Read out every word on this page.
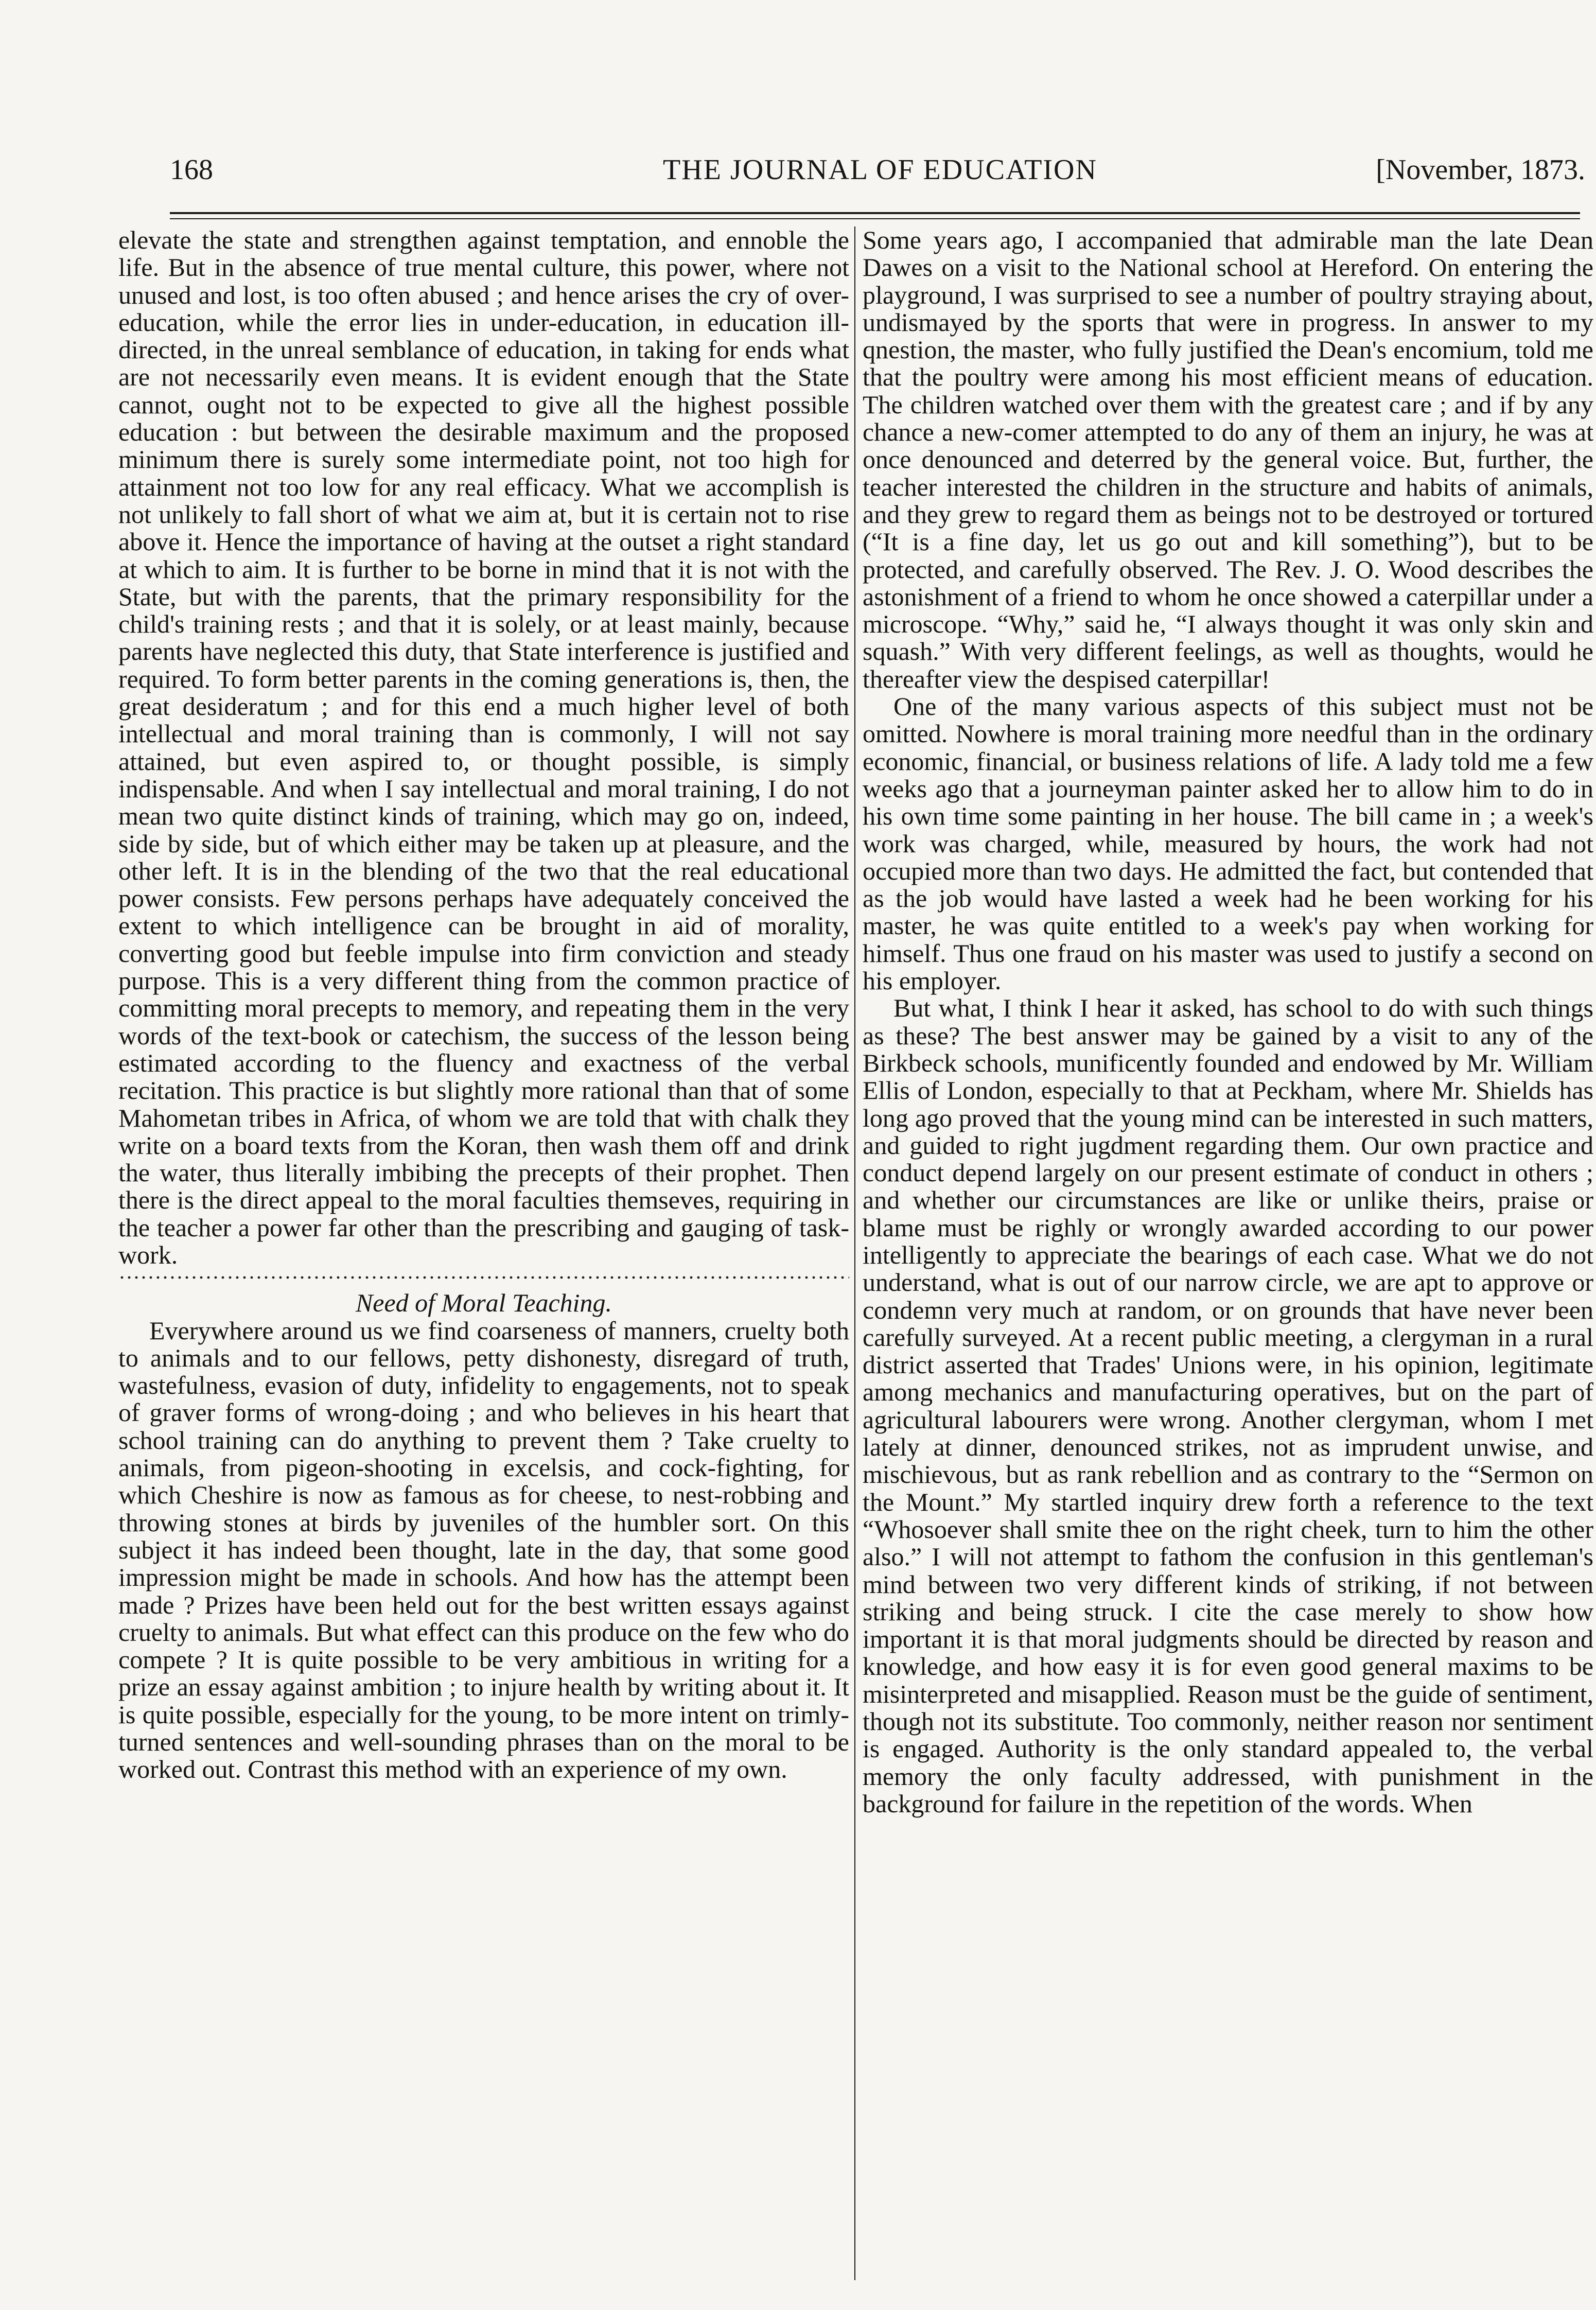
168	THE JOURNAL OF EDUCATION	[November, 1873.

elevate the state and strengthen against temptation, and ennoble the life. But in the absence of true mental culture, this power, where not unused and lost, is too often abused ; and hence arises the cry of over-education, while the error lies in under-education, in education ill-directed, in the unreal semblance of education, in taking for ends what are not necessarily even means. It is evident enough that the State cannot, ought not to be expected to give all the highest possible education : but between the desirable maximum and the proposed minimum there is surely some intermediate point, not too high for attainment not too low for any real efficacy. What we accomplish is not unlikely to fall short of what we aim at, but it is certain not to rise above it. Hence the importance of having at the outset a right standard at which to aim. It is further to be borne in mind that it is not with the State, but with the parents, that the primary responsibility for the child's training rests ; and that it is solely, or at least mainly, because parents have neglected this duty, that State interference is justified and required. To form better parents in the coming generations is, then, the great desideratum ; and for this end a much higher level of both intellectual and moral training than is commonly, I will not say attained, but even aspired to, or thought possible, is simply indispensable. And when I say intellectual and moral training, I do not mean two quite distinct kinds of training, which may go on, indeed, side by side, but of which either may be taken up at pleasure, and the other left. It is in the blending of the two that the real educational power consists. Few persons perhaps have adequately conceived the extent to which intelligence can be brought in aid of morality, converting good but feeble impulse into firm conviction and steady purpose. This is a very different thing from the common practice of committing moral precepts to memory, and repeating them in the very words of the text-book or catechism, the success of the lesson being estimated according to the fluency and exactness of the verbal recitation. This practice is but slightly more rational than that of some Mahometan tribes in Africa, of whom we are told that with chalk they write on a board texts from the Koran, then wash them off and drink the water, thus literally imbibing the precepts of their prophet. Then there is the direct appeal to the moral faculties themseves, requiring in the teacher a power far other than the prescribing and gauging of task-work.

Need of Moral Teaching.

Everywhere around us we find coarseness of manners, cruelty both to animals and to our fellows, petty dishonesty, disregard of truth, wastefulness, evasion of duty, infidelity to engagements, not to speak of graver forms of wrong-doing ; and who believes in his heart that school training can do anything to prevent them ? Take cruelty to animals, from pigeon-shooting in excelsis, and cock-fighting, for which Cheshire is now as famous as for cheese, to nest-robbing and throwing stones at birds by juveniles of the humbler sort. On this subject it has indeed been thought, late in the day, that some good impression might be made in schools. And how has the attempt been made ? Prizes have been held out for the best written essays against cruelty to animals. But what effect can this produce on the few who do compete ? It is quite possible to be very ambitious in writing for a prize an essay against ambition ; to injure health by writing about it. It is quite possible, especially for the young, to be more intent on trimly-turned sentences and well-sounding phrases than on the moral to be worked out. Contrast this method with an experience of my own.

Some years ago, I accompanied that admirable man the late Dean Dawes on a visit to the National school at Hereford. On entering the playground, I was surprised to see a number of poultry straying about, undismayed by the sports that were in progress. In answer to my qnestion, the master, who fully justified the Dean's encomium, told me that the poultry were among his most efficient means of education. The children watched over them with the greatest care ; and if by any chance a new-comer attempted to do any of them an injury, he was at once denounced and deterred by the general voice. But, further, the teacher interested the children in the structure and habits of animals, and they grew to regard them as beings not to be destroyed or tortured (“It is a fine day, let us go out and kill something”), but to be protected, and carefully observed. The Rev. J. O. Wood describes the astonishment of a friend to whom he once showed a caterpillar under a microscope. “Why,” said he, “I always thought it was only skin and squash.” With very different feelings, as well as thoughts, would he thereafter view the despised caterpillar!

One of the many various aspects of this subject must not be omitted. Nowhere is moral training more needful than in the ordinary economic, financial, or business relations of life. A lady told me a few weeks ago that a journeyman painter asked her to allow him to do in his own time some painting in her house. The bill came in ; a week's work was charged, while, measured by hours, the work had not occupied more than two days. He admitted the fact, but contended that as the job would have lasted a week had he been working for his master, he was quite entitled to a week's pay when working for himself. Thus one fraud on his master was used to justify a second on his employer.

But what, I think I hear it asked, has school to do with such things as these? The best answer may be gained by a visit to any of the Birkbeck schools, munificently founded and endowed by Mr. William Ellis of London, especially to that at Peckham, where Mr. Shields has long ago proved that the young mind can be interested in such matters, and guided to right jugdment regarding them. Our own practice and conduct depend largely on our present estimate of conduct in others ; and whether our circumstances are like or unlike theirs, praise or blame must be righly or wrongly awarded according to our power intelligently to appreciate the bearings of each case. What we do not understand, what is out of our narrow circle, we are apt to approve or condemn very much at random, or on grounds that have never been carefully surveyed. At a recent public meeting, a clergyman in a rural district asserted that Trades' Unions were, in his opinion, legitimate among mechanics and manufacturing operatives, but on the part of agricultural labourers were wrong. Another clergyman, whom I met lately at dinner, denounced strikes, not as imprudent unwise, and mischievous, but as rank rebellion and as contrary to the “Sermon on the Mount.” My startled inquiry drew forth a reference to the text “Whosoever shall smite thee on the right cheek, turn to him the other also.” I will not attempt to fathom the confusion in this gentleman's mind between two very different kinds of striking, if not between striking and being struck. I cite the case merely to show how important it is that moral judgments should be directed by reason and knowledge, and how easy it is for even good general maxims to be misinterpreted and misapplied. Reason must be the guide of sentiment, though not its substitute. Too commonly, neither reason nor sentiment is engaged. Authority is the only standard appealed to, the verbal memory the only faculty addressed, with punishment in the background for failure in the repetition of the words. When
